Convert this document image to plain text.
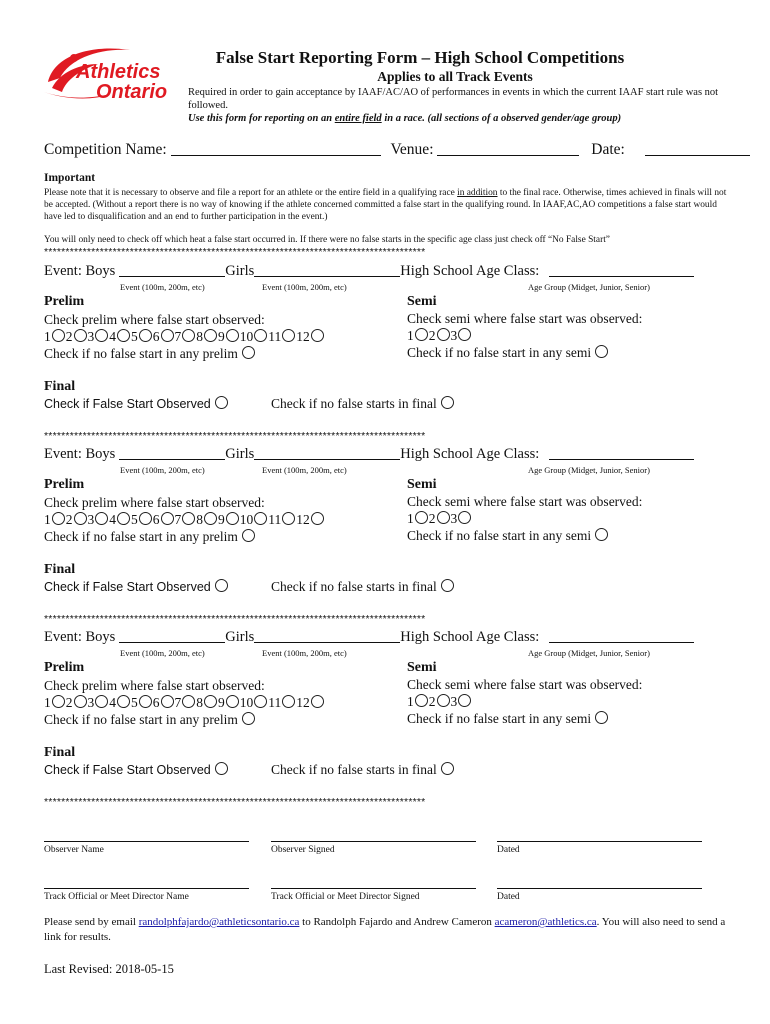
Athletics
Ontario
False Start Reporting Form – High School Competitions
Applies to all Track Events
Required in order to gain acceptance by IAAF/AC/AO of performances in events in which the current IAAF start rule was not followed.
Use this form for reporting on an entire field in a race. (all sections of a observed gender/age group)
Competition Name:	Venue:	Date:
Important
Please note that it is necessary to observe and file a report for an athlete or the entire field in a qualifying race in addition to the final race. Otherwise, times achieved in finals will not be accepted. (Without a report there is no way of knowing if the athlete concerned committed a false start in the qualifying round. In IAAF,AC,AO competitions a false start would have led to disqualification and an end to further participation in the event.)
You will only need to check off which heat a false start occurred in. If there were no false starts in the specific age class just check off “No False Start”
*****************************************************************************************
Event: Boys	Girls	High School Age Class:
Event (100m, 200m, etc)	Event (100m, 200m, etc)	Age Group (Midget, Junior, Senior)
Prelim
Check prelim where false start observed:
1 2 3 4 5 6 7 8 9 10 11 12
Check if no false start in any prelim
Semi
Check semi where false start was observed:
1 2 3
Check if no false start in any semi
Final
Check if False Start Observed	Check if no false starts in final
Event: Boys	Girls	High School Age Class:
Event (100m, 200m, etc)	Event (100m, 200m, etc)	Age Group (Midget, Junior, Senior)
Prelim
Check prelim where false start observed:
1 2 3 4 5 6 7 8 9 10 11 12
Check if no false start in any prelim
Semi
Check semi where false start was observed:
1 2 3
Check if no false start in any semi
Final
Check if False Start Observed	Check if no false starts in final
Event: Boys	Girls	High School Age Class:
Event (100m, 200m, etc)	Event (100m, 200m, etc)	Age Group (Midget, Junior, Senior)
Prelim
Check prelim where false start observed:
1 2 3 4 5 6 7 8 9 10 11 12
Check if no false start in any prelim
Semi
Check semi where false start was observed:
1 2 3
Check if no false start in any semi
Final
Check if False Start Observed	Check if no false starts in final
*****************************************************************************************
*****************************************************************************************
*****************************************************************************************
Observer Name	Observer Signed	Dated
Track Official or Meet Director Name	Track Official or Meet Director Signed	Dated
Please send by email randolphfajardo@athleticsontario.ca to Randolph Fajardo and Andrew Cameron acameron@athletics.ca. You will also need to send a link for results.
Last Revised: 2018-05-15
